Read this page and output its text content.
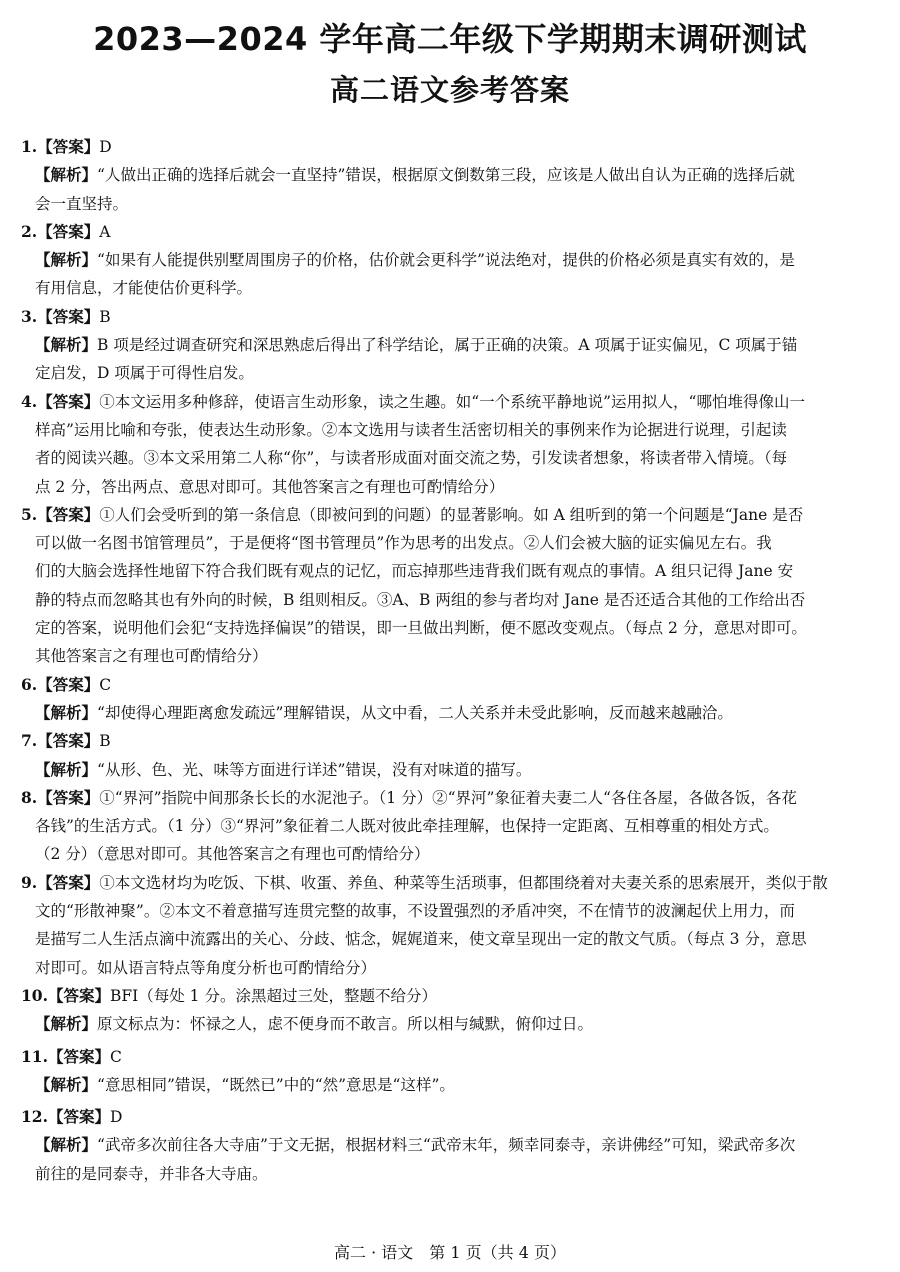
2023—2024 学年高二年级下学期期末调研测试
高二语文参考答案
1.【答案】D
【解析】“人做出正确的选择后就会一直坚持”错误，根据原文倒数第三段，应该是人做出自认为正确的选择后就
会一直坚持。
2.【答案】A
【解析】“如果有人能提供别墅周围房子的价格，估价就会更科学”说法绝对，提供的价格必须是真实有效的，是
有用信息，才能使估价更科学。
3.【答案】B
【解析】B 项是经过调查研究和深思熟虑后得出了科学结论，属于正确的决策。A 项属于证实偏见，C 项属于锚
定启发，D 项属于可得性启发。
4.【答案】①本文运用多种修辞，使语言生动形象，读之生趣。如“一个系统平静地说”运用拟人，“哪怕堆得像山一
样高”运用比喻和夸张，使表达生动形象。②本文选用与读者生活密切相关的事例来作为论据进行说理，引起读
者的阅读兴趣。③本文采用第二人称“你”，与读者形成面对面交流之势，引发读者想象，将读者带入情境。（每
点 2 分，答出两点、意思对即可。其他答案言之有理也可酌情给分）
5.【答案】①人们会受听到的第一条信息（即被问到的问题）的显著影响。如 A 组听到的第一个问题是“Jane 是否
可以做一名图书馆管理员”，于是便将“图书管理员”作为思考的出发点。②人们会被大脑的证实偏见左右。我
们的大脑会选择性地留下符合我们既有观点的记忆，而忘掉那些违背我们既有观点的事情。A 组只记得 Jane 安
静的特点而忽略其也有外向的时候，B 组则相反。③A、B 两组的参与者均对 Jane 是否还适合其他的工作给出否
定的答案，说明他们会犯“支持选择偏误”的错误，即一旦做出判断，便不愿改变观点。（每点 2 分，意思对即可。
其他答案言之有理也可酌情给分）
6.【答案】C
【解析】“却使得心理距离愈发疏远”理解错误，从文中看，二人关系并未受此影响，反而越来越融洽。
7.【答案】B
【解析】“从形、色、光、味等方面进行详述”错误，没有对味道的描写。
8.【答案】①“界河”指院中间那条长长的水泥池子。（1 分）②“界河”象征着夫妻二人“各住各屋，各做各饭，各花
各钱”的生活方式。（1 分）③“界河”象征着二人既对彼此牵挂理解，也保持一定距离、互相尊重的相处方式。
（2 分）（意思对即可。其他答案言之有理也可酌情给分）
9.【答案】①本文选材均为吃饭、下棋、收蛋、养鱼、种菜等生活琐事，但都围绕着对夫妻关系的思索展开，类似于散
文的“形散神聚”。②本文不着意描写连贯完整的故事，不设置强烈的矛盾冲突，不在情节的波澜起伏上用力，而
是描写二人生活点滴中流露出的关心、分歧、惦念，娓娓道来，使文章呈现出一定的散文气质。（每点 3 分，意思
对即可。如从语言特点等角度分析也可酌情给分）
10.【答案】BFI（每处 1 分。涂黑超过三处，整题不给分）
【解析】原文标点为：怀禄之人，虑不便身而不敢言。所以相与缄默，俯仰过日。
11.【答案】C
【解析】“意思相同”错误，“既然已”中的“然”意思是“这样”。
12.【答案】D
【解析】“武帝多次前往各大寺庙”于文无据，根据材料三“武帝末年，频幸同泰寺，亲讲佛经”可知，梁武帝多次
前往的是同泰寺，并非各大寺庙。
高二 · 语文　第 1 页（共 4 页）
